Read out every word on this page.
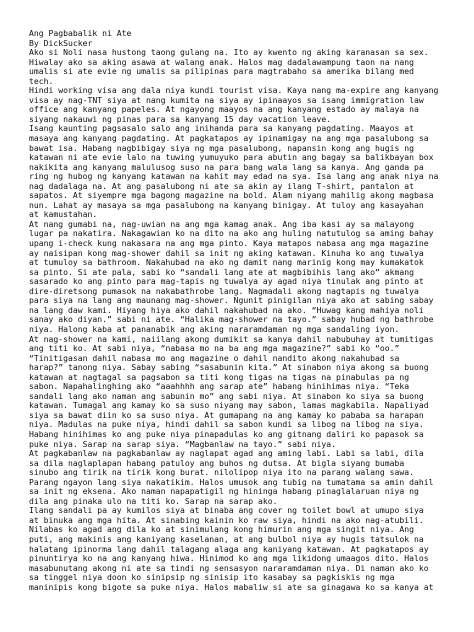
Ang Pagbabalik ni Ate
By DickSucker
Ako si Noli nasa hustong taong gulang na. Ito ay kwento ng aking karanasan sa sex.
Hiwalay ako sa aking asawa at walang anak. Halos mag dadalawampung taon na nang
umalis si ate evie ng umalis sa pilipinas para magtrabaho sa amerika bilang med
tech.
Hindi working visa ang dala niya kundi tourist visa. Kaya nang ma-expire ang kanyang
visa ay nag-TNT siya at nang kumita na siya ay ipinaayos sa isang immigration law
office ang kanyang papeles. At ngayong maayos na ang kanyang estado ay malaya na
siyang nakauwi ng pinas para sa kanyang 15 day vacation leave.
Isang kaunting pagsasalo salo ang inihanda para sa kanyang pagdating. Maayos at
masaya ang kanyang pagdating. At pagkatapos ay ipinamigay na ang mga pasalubong sa
bawat isa. Habang nagbibigay siya ng mga pasalubong, napansin kong ang hugis ng
katawan ni ate evie lalo na tuwing yumuyuko para abutin ang bagay sa balikbayan box
nakikita ang kanyang malulusog suso na para bang wala lang sa kanya. Ang ganda pa
ring ng hubog ng kanyang katawan na kahit may edad na sya. Isa lang ang anak niya na
nag dadalaga na. At ang pasalubong ni ate sa akin ay ilang T-shirt, pantalon at
sapatos. At siyempre mga bagong magazine na bold. Alam niyang mahilig akong magbasa
nun. Lahat ay masaya sa mga pasalubong na kanyang binigay. At tuloy ang kasayahan
at kamustahan.
At nang gumabi na, nag-uwian na ang mga kamag anak. Ang iba kasi ay sa malayong
lugar pa nakatira. Nakagawian ko na dito na ako ang huling natutulog sa aming bahay
upang i-check kung nakasara na ang mga pinto. Kaya matapos nabasa ang mga magazine
ay naisipan kong mag-shower dahil sa init ng aking katawan. Kinuha ko ang tuwalya
at tumuloy sa bathroom. Nakahubad na ako ng damit nang marinig kong may kumakatok
sa pinto. Si ate pala, sabi ko “sandali lang ate at magbibihis lang ako” akmang
sasarado ko ang pinto para mag-tapis ng tuwalya ay agad niya tinulak ang pinto at
dire-diretsong pumasok na nakabathrobe lang. Nagmadali akong nagtapis ng tuwalya
para siya na lang ang maunang mag-shower. Ngunit pinigilan niya ako at sabing sabay
na lang daw kami. Hiyang hiya ako dahil nakahubad na ako. “Huwag kang mahiya noli
sanay ako diyan.” sabi ni ate. “Halika mag-shower na tayo.” sabay hubad ng bathrobe
niya. Halong kaba at pananabik ang aking nararamdaman ng mga sandaling iyon.
At nag-shower na kami, naiilang akong dumikit sa kanya dahil nabubuhay at tumitigas
ang titi ko. At sabi niya, “nabasa mo na ba ang mga magazine?” sabi ko “oo.”
“Tinitigasan dahil nabasa mo ang magazine o dahil nandito akong nakahubad sa
harap?” tanong niya. Sabay sabing “sasabunin kita.” At sinabon niya akong sa buong
katawan at nagtagal sa pagsabon sa titi kong tigas na tigas na pinabulas pa ng
sabon. Napahalinghing ako “aaahhhh ang sarap ate” habang hinihimas niya. “Teka
sandali lang ako naman ang sabunin mo” ang sabi niya. At sinabon ko siya sa buong
katawan. Tumagal ang kamay ko sa suso niyang may sabon, lamas magkabila. Napaliyad
siya sa bawat diin ko sa suso niya. At gumapang na ang kamay ko pababa sa harapan
niya. Madulas na puke niya, hindi dahil sa sabon kundi sa libog na libog na siya.
Habang hinihimas ko ang puke niya pinapadulas ko ang gitnang daliri ko papasok sa
puke niya. Sarap na sarap siya. “Magbanlaw na tayo.” sabi niya.
At pagkabanlaw na pagkabanlaw ay naglapat agad ang aming labi. Labi sa labi, dila
sa dila naglaplapan habang patuloy ang buhos ng dutsa. At bigla siyang bumaba
sinubo ang tirik na tirik kong burat. nilolipop niya ito na parang walang sawa.
Parang ngayon lang siya nakatikim. Halos umusok ang tubig na tumatama sa amin dahil
sa init ng eksena. Ako naman napapatigil ng hininga habang pinaglalaruan niya ng
dila ang pinaka ulo na titi ko. Sarap na sarap ako.
Ilang sandali pa ay kumilos siya at binaba ang cover ng toilet bowl at umupo siya
at binuka ang mga hita. At sinabing kainin ko raw siya, hindi na ako nag-atubili.
Nilabas ko agad ang dila ko at sinimulang kong himurin ang mga singit niya. Ang
puti, ang makinis ang kaniyang kaselanan, at ang bulbol niya ay hugis tatsulok na
halatang ipinorma lang dahil talagang alaga ang kaniyang katawan. At pagkatapos ay
pinuntirya ko na ang kanyang hiwa. Hinimod ko ang mga likidong umaagos dito. Halos
masabunutang akong ni ate sa tindi ng sensasyon nararamdaman niya. Di naman ako ko
sa tinggel niya doon ko sinipsip ng sinisip ito kasabay sa pagkiskis ng mga
maninipis kong bigote sa puke niya. Halos mabaliw si ate sa ginagawa ko sa kanya at
